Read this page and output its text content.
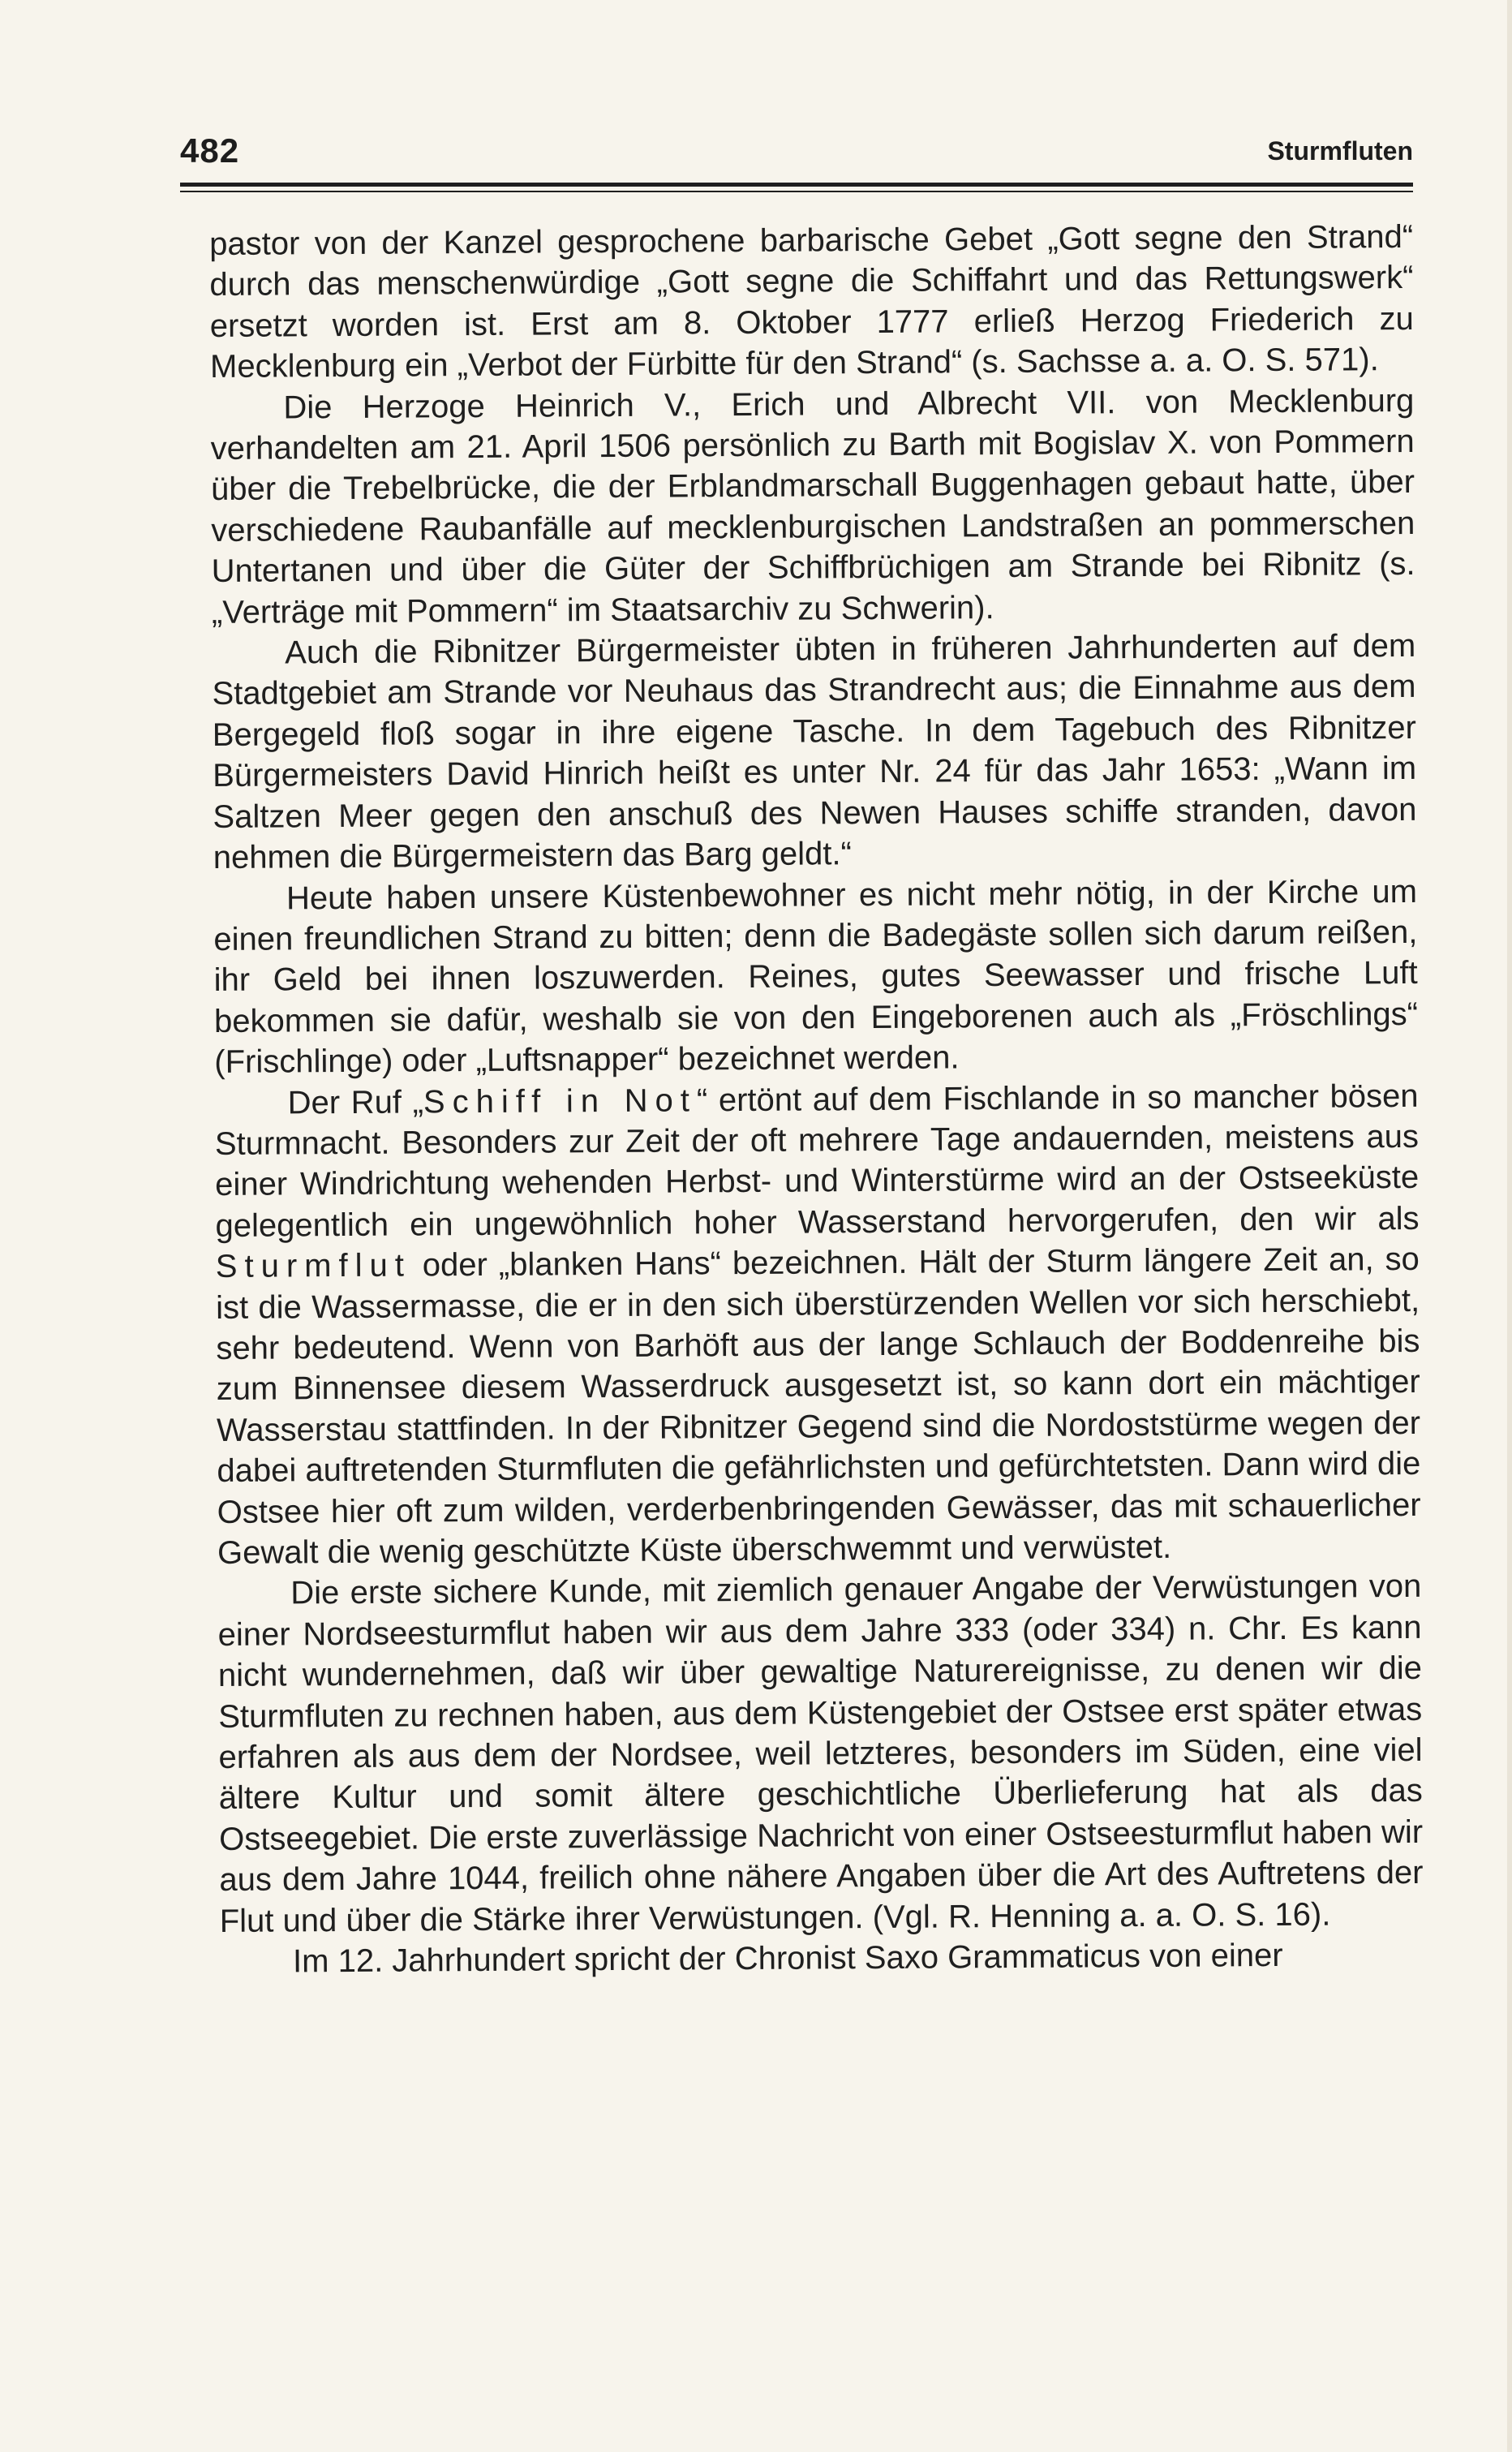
482	Sturmfluten

pastor von der Kanzel gesprochene barbarische Gebet „Gott segne den Strand“ durch das menschenwürdige „Gott segne die Schiffahrt und das Rettungswerk“ ersetzt worden ist. Erst am 8. Oktober 1777 erließ Herzog Friederich zu Mecklenburg ein „Verbot der Fürbitte für den Strand“ (s. Sachsse a. a. O. S. 571).

Die Herzoge Heinrich V., Erich und Albrecht VII. von Mecklenburg verhandelten am 21. April 1506 persönlich zu Barth mit Bogislav X. von Pommern über die Trebelbrücke, die der Erblandmarschall Buggenhagen gebaut hatte, über verschiedene Raubanfälle auf mecklenburgischen Landstraßen an pommerschen Untertanen und über die Güter der Schiffbrüchigen am Strande bei Ribnitz (s. „Verträge mit Pommern“ im Staatsarchiv zu Schwerin).

Auch die Ribnitzer Bürgermeister übten in früheren Jahrhunderten auf dem Stadtgebiet am Strande vor Neuhaus das Strandrecht aus; die Einnahme aus dem Bergegeld floß sogar in ihre eigene Tasche. In dem Tagebuch des Ribnitzer Bürgermeisters David Hinrich heißt es unter Nr. 24 für das Jahr 1653: „Wann im Saltzen Meer gegen den anschuß des Newen Hauses schiffe stranden, davon nehmen die Bürgermeistern das Barg geldt.“

Heute haben unsere Küstenbewohner es nicht mehr nötig, in der Kirche um einen freundlichen Strand zu bitten; denn die Badegäste sollen sich darum reißen, ihr Geld bei ihnen loszuwerden. Reines, gutes Seewasser und frische Luft bekommen sie dafür, weshalb sie von den Eingeborenen auch als „Fröschlings“ (Frischlinge) oder „Luftsnapper“ bezeichnet werden.

Der Ruf „Schiff in Not“ ertönt auf dem Fischlande in so mancher bösen Sturmnacht. Besonders zur Zeit der oft mehrere Tage andauernden, meistens aus einer Windrichtung wehenden Herbst- und Winterstürme wird an der Ostseeküste gelegentlich ein ungewöhnlich hoher Wasserstand hervorgerufen, den wir als Sturmflut oder „blanken Hans“ bezeichnen. Hält der Sturm längere Zeit an, so ist die Wassermasse, die er in den sich überstürzenden Wellen vor sich herschiebt, sehr bedeutend. Wenn von Barhöft aus der lange Schlauch der Boddenreihe bis zum Binnensee diesem Wasserdruck ausgesetzt ist, so kann dort ein mächtiger Wasserstau stattfinden. In der Ribnitzer Gegend sind die Nordoststürme wegen der dabei auftretenden Sturmfluten die gefährlichsten und gefürchtetsten. Dann wird die Ostsee hier oft zum wilden, verderbenbringenden Gewässer, das mit schauerlicher Gewalt die wenig geschützte Küste überschwemmt und verwüstet.

Die erste sichere Kunde, mit ziemlich genauer Angabe der Verwüstungen von einer Nordseesturmflut haben wir aus dem Jahre 333 (oder 334) n. Chr. Es kann nicht wundernehmen, daß wir über gewaltige Naturereignisse, zu denen wir die Sturmfluten zu rechnen haben, aus dem Küstengebiet der Ostsee erst später etwas erfahren als aus dem der Nordsee, weil letzteres, besonders im Süden, eine viel ältere Kultur und somit ältere geschichtliche Überlieferung hat als das Ostseegebiet. Die erste zuverlässige Nachricht von einer Ostseesturmflut haben wir aus dem Jahre 1044, freilich ohne nähere Angaben über die Art des Auftretens der Flut und über die Stärke ihrer Verwüstungen. (Vgl. R. Henning a. a. O. S. 16).

Im 12. Jahrhundert spricht der Chronist Saxo Grammaticus von einer
